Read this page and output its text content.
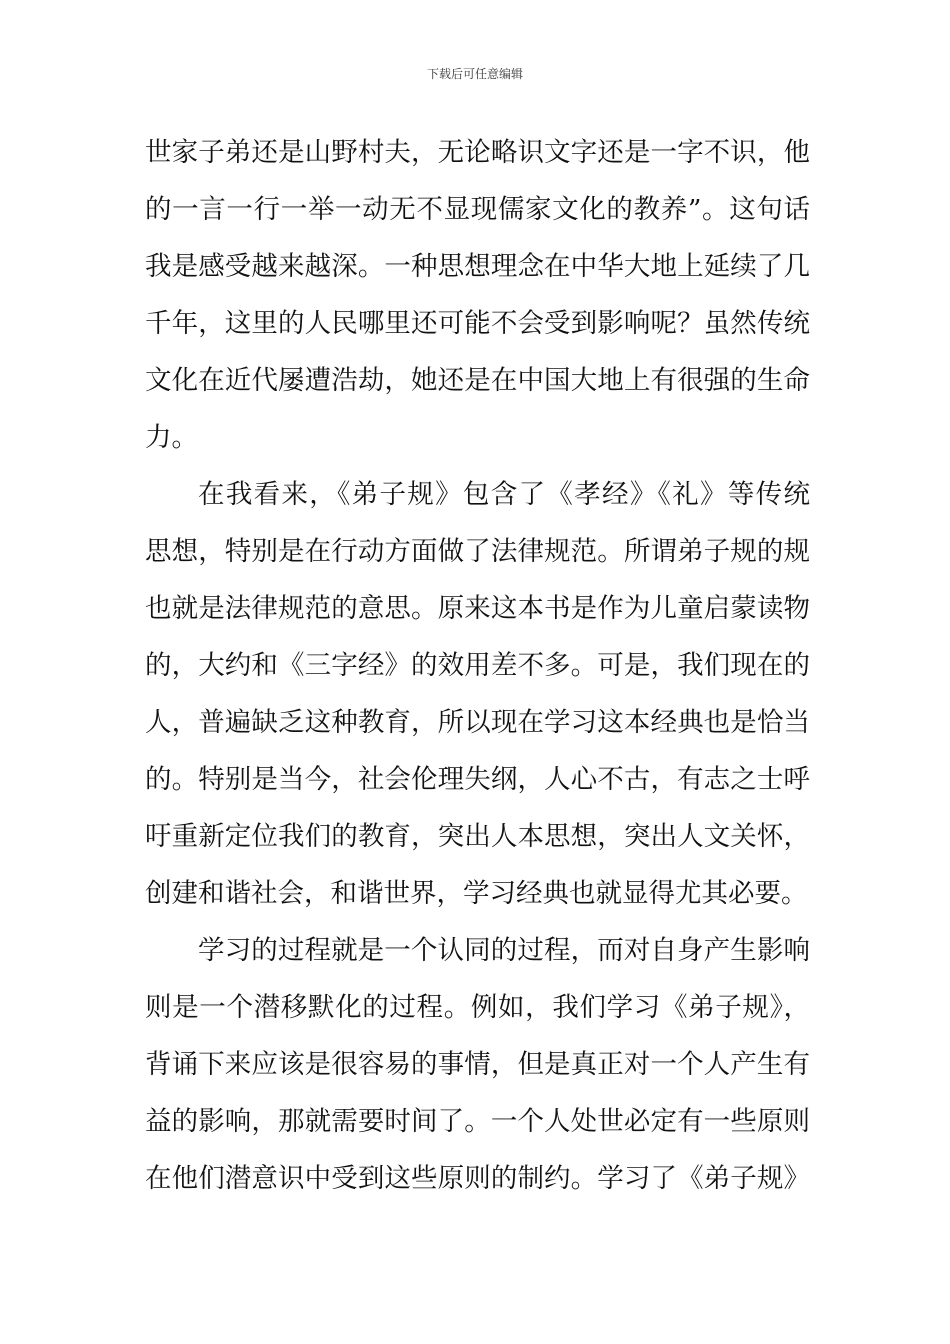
下载后可任意编辑
世家子弟还是山野村夫，无论略识文字还是一字不识，他
的一言一行一举一动无不显现儒家文化的教养”。这句话
我是感受越来越深。一种思想理念在中华大地上延续了几
千年，这里的人民哪里还可能不会受到影响呢？虽然传统
文化在近代屡遭浩劫，她还是在中国大地上有很强的生命
力。
在我看来，《弟子规》包含了《孝经》《礼》等传统
思想，特别是在行动方面做了法律规范。所谓弟子规的规
也就是法律规范的意思。原来这本书是作为儿童启蒙读物
的，大约和《三字经》的效用差不多。可是，我们现在的
人，普遍缺乏这种教育，所以现在学习这本经典也是恰当
的。特别是当今，社会伦理失纲，人心不古，有志之士呼
吁重新定位我们的教育，突出人本思想，突出人文关怀，
创建和谐社会，和谐世界，学习经典也就显得尤其必要。
学习的过程就是一个认同的过程，而对自身产生影响
则是一个潜移默化的过程。例如，我们学习《弟子规》，
背诵下来应该是很容易的事情，但是真正对一个人产生有
益的影响，那就需要时间了。一个人处世必定有一些原则
在他们潜意识中受到这些原则的制约。学习了《弟子规》
